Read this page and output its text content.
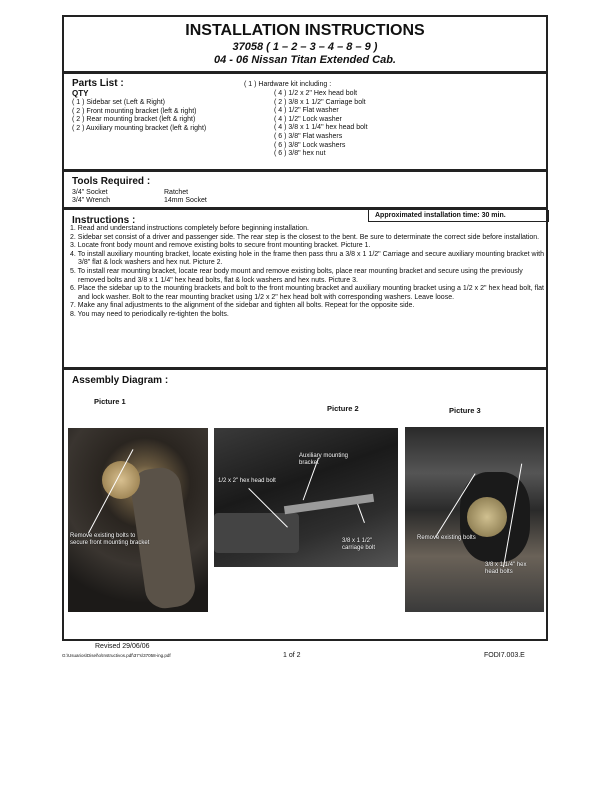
INSTALLATION INSTRUCTIONS
37058 ( 1 – 2 – 3 – 4 – 8 – 9 )
04 - 06 Nissan Titan Extended Cab.
Parts List :
QTY
( 1 ) Sidebar set (Left & Right)
( 2 ) Front mounting bracket (left & right)
( 2 ) Rear mounting bracket (left & right)
( 2 ) Auxiliary mounting bracket (left & right)
( 1 ) Hardware kit including :
( 4 ) 1/2 x 2" Hex head bolt
( 2 ) 3/8 x 1 1/2" Carriage bolt
( 4 ) 1/2" Flat washer
( 4 ) 1/2" Lock washer
( 4 ) 3/8 x 1 1/4" hex head bolt
( 6 ) 3/8" Flat washers
( 6 ) 3/8" Lock washers
( 6 ) 3/8" hex nut
Tools Required :
3/4" Socket	Ratchet
3/4" Wrench	14mm Socket
Instructions :	Approximated installation time: 30 min.
1. Read and understand instructions completely before beginning installation.
2. Sidebar set consist of a driver and passenger side. The rear step is the closest to the bent. Be sure to determinate the correct side before installation.
3. Locate front body mount and remove existing bolts to secure front mounting bracket. Picture 1.
4. To install auxiliary mounting bracket, locate existing hole in the frame then pass thru a 3/8 x 1 1/2" Carriage and secure auxiliary mounting bracket with 3/8" flat & lock washers and hex nut. Picture 2.
5. To install rear mounting bracket, locate rear body mount and remove existing bolts, place rear mounting bracket and secure using the previously removed bolts and 3/8 x 1 1/4" hex head bolts, flat & lock washers and hex nuts. Picture 3.
6. Place the sidebar up to the mounting brackets and bolt to the front mounting bracket and auxiliary mounting bracket using a 1/2 x 2" hex head bolt, flat and lock washer. Bolt to the rear mounting bracket using 1/2 x 2" hex head bolt with corresponding washers. Leave loose.
7. Make any final adjustments to the alignment of the sidebar and tighten all bolts. Repeat for the opposite side.
8. You may need to periodically re-tighten the bolts.
Assembly Diagram :
Picture 1
Picture 2	Picture 3
Remove existing bolts to secure front mounting bracket
Auxiliary mounting bracket
1/2 x 2" hex head bolt
3/8 x 1 1/2" carriage bolt
Remove existing bolts
3/8 x 1 1/4" hex head bolts
Revised 29/06/06
G:\Usuarios\Diseño\Instructivos.pdf\37's\37058-ing.pdf	1 of 2	FODI7.003.E
